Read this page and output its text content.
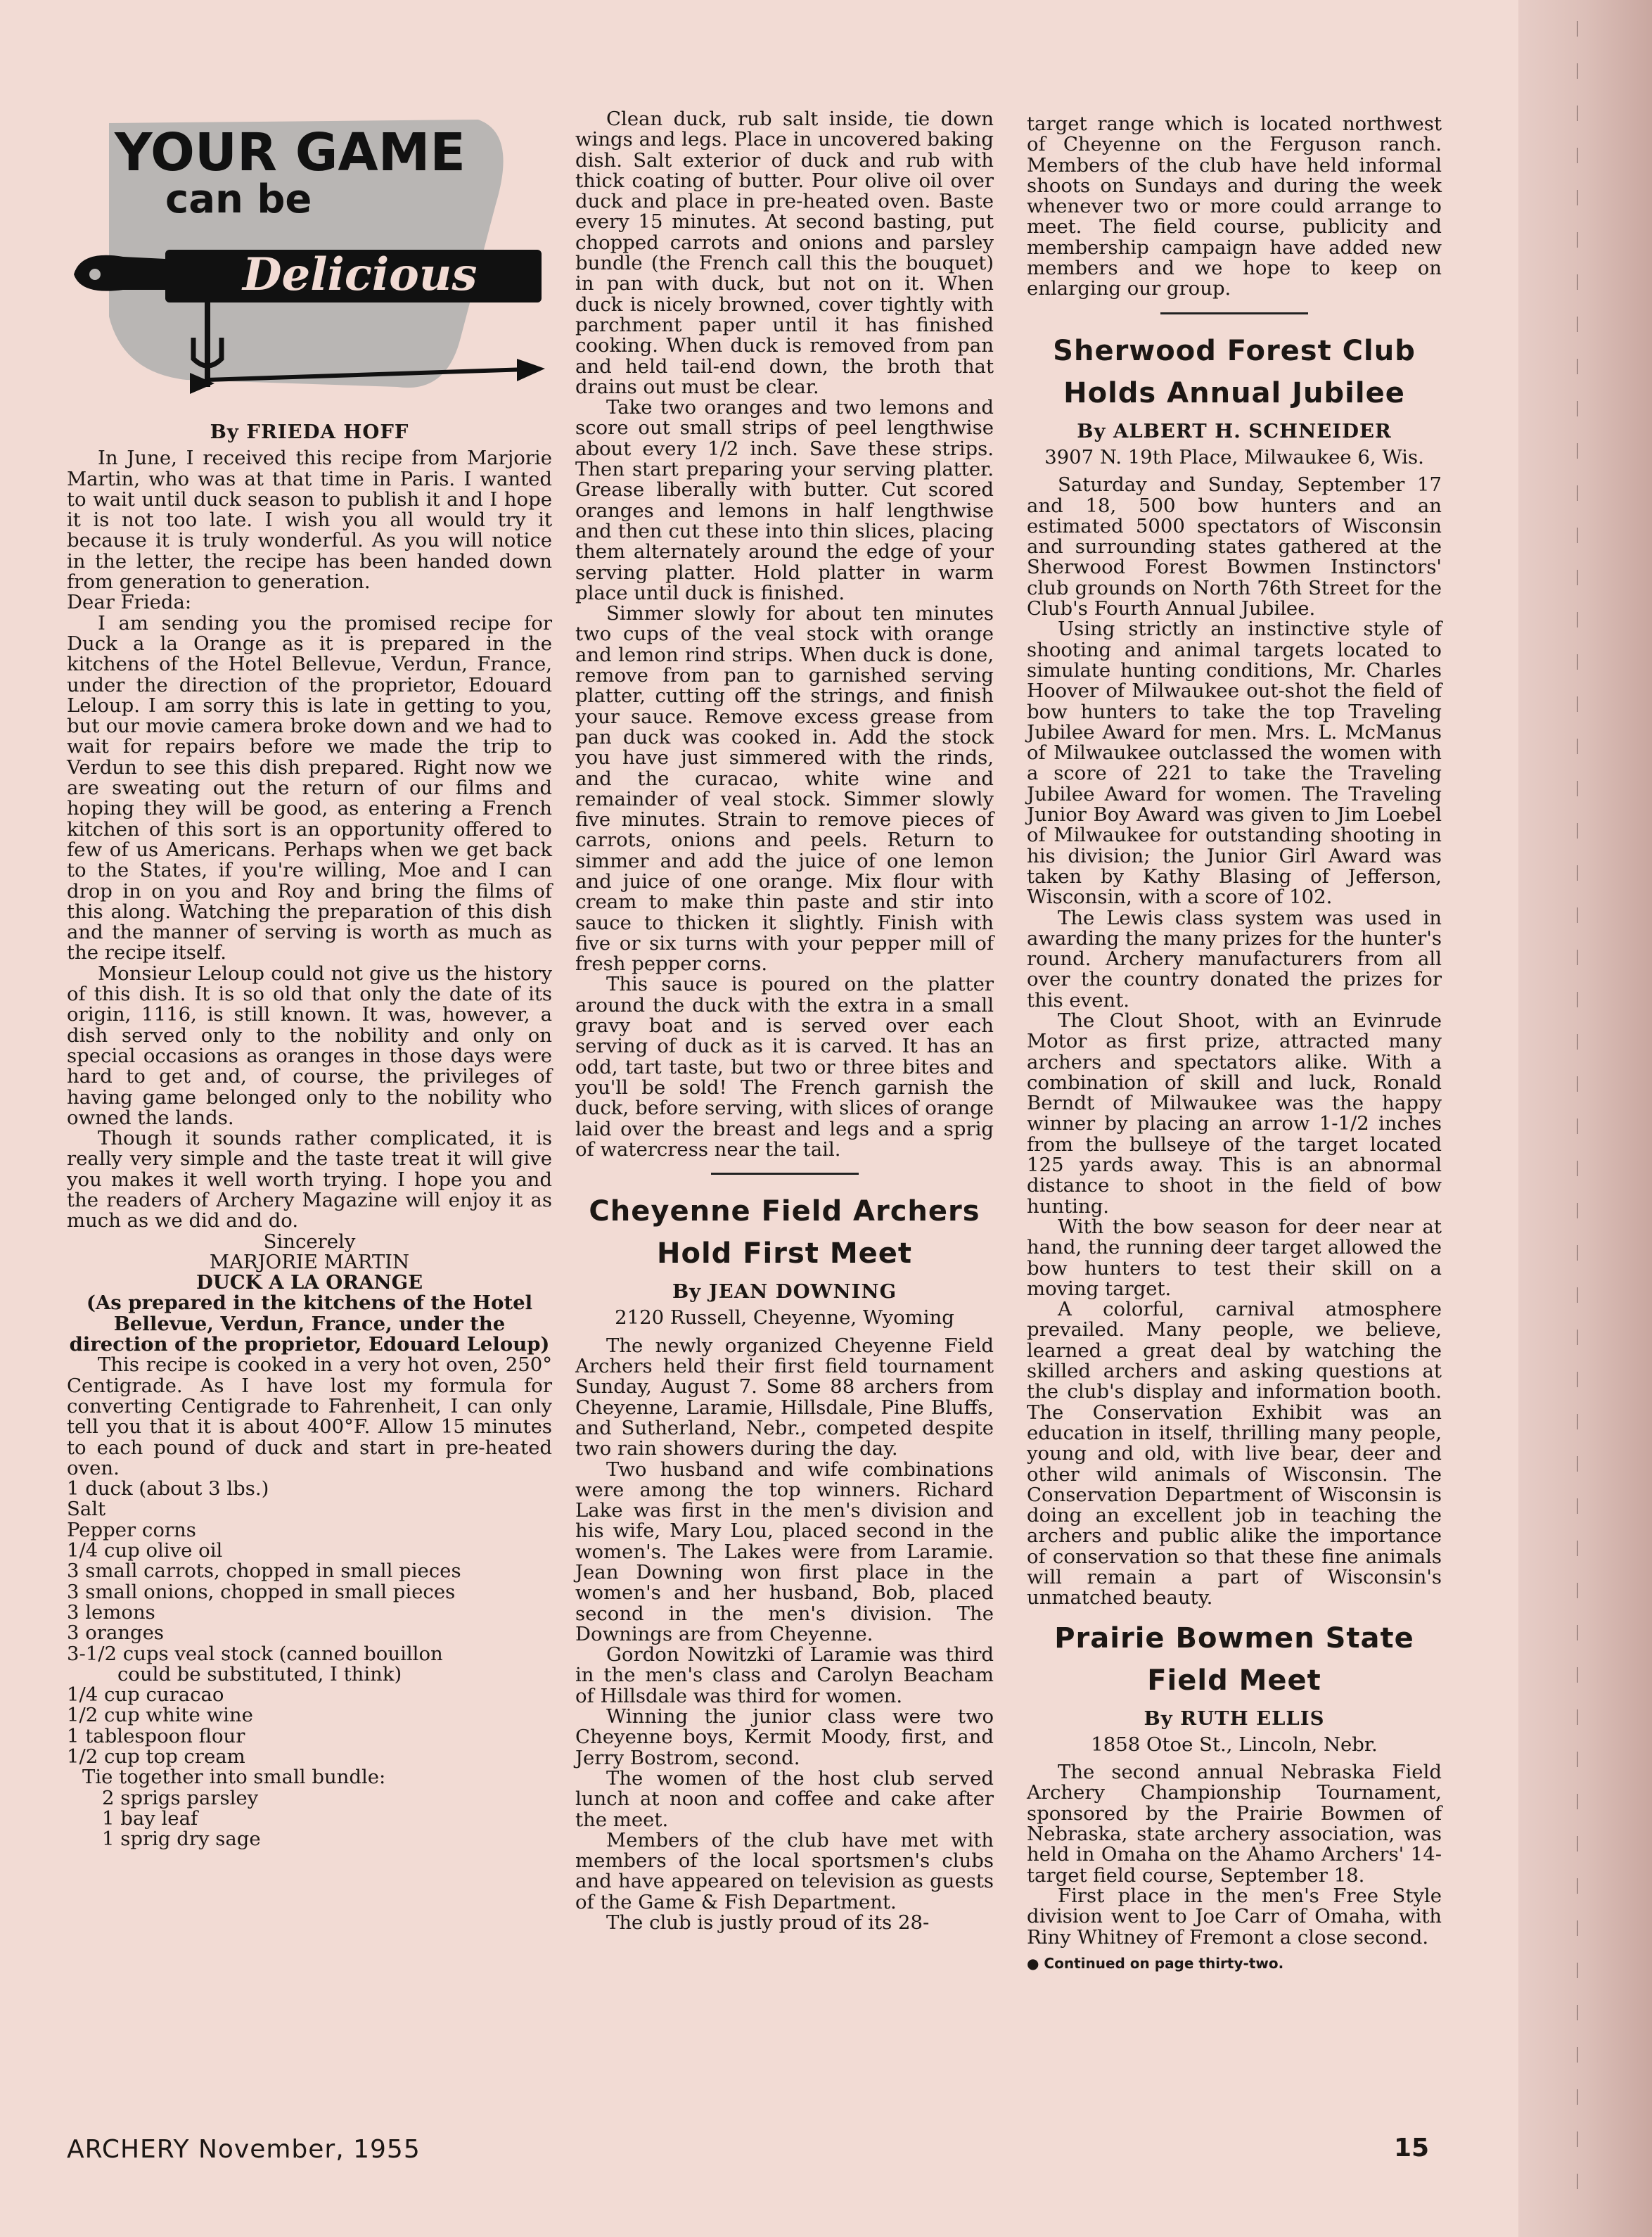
YOUR GAME
can be
Delicious
By FRIEDA HOFF

In June, I received this recipe from Marjorie Martin, who was at that time in Paris. I wanted to wait until duck season to publish it and I hope it is not too late. I wish you all would try it because it is truly wonderful. As you will notice in the letter, the recipe has been handed down from generation to generation.

Dear Frieda:

I am sending you the promised recipe for Duck a la Orange as it is prepared in the kitchens of the Hotel Bellevue, Verdun, France, under the direction of the proprietor, Edouard Leloup. I am sorry this is late in getting to you, but our movie camera broke down and we had to wait for repairs before we made the trip to Verdun to see this dish prepared. Right now we are sweating out the return of our films and hoping they will be good, as entering a French kitchen of this sort is an opportunity offered to few of us Americans. Perhaps when we get back to the States, if you're willing, Moe and I can drop in on you and Roy and bring the films of this along. Watching the preparation of this dish and the manner of serving is worth as much as the recipe itself.

Monsieur Leloup could not give us the history of this dish. It is so old that only the date of its origin, 1116, is still known. It was, however, a dish served only to the nobility and only on special occasions as oranges in those days were hard to get and, of course, the privileges of having game belonged only to the nobility who owned the lands.

Though it sounds rather complicated, it is really very simple and the taste treat it will give you makes it well worth trying. I hope you and the readers of Archery Magazine will enjoy it as much as we did and do.

Sincerely
MARJORIE MARTIN
DUCK A LA ORANGE
(As prepared in the kitchens of the Hotel Bellevue, Verdun, France, under the direction of the proprietor, Edouard Leloup)

This recipe is cooked in a very hot oven, 250° Centigrade. As I have lost my formula for converting Centigrade to Fahrenheit, I can only tell you that it is about 400°F. Allow 15 minutes to each pound of duck and start in pre-heated oven.

1 duck (about 3 lbs.)
Salt
Pepper corns
1/4 cup olive oil
3 small carrots, chopped in small pieces
3 small onions, chopped in small pieces
3 lemons
3 oranges
3-1/2 cups veal stock (canned bouillon
could be substituted, I think)
1/4 cup curacao
1/2 cup white wine
1 tablespoon flour
1/2 cup top cream
Tie together into small bundle:
2 sprigs parsley
1 bay leaf
1 sprig dry sage

Clean duck, rub salt inside, tie down wings and legs. Place in uncovered baking dish. Salt exterior of duck and rub with thick coating of butter. Pour olive oil over duck and place in pre-heated oven. Baste every 15 minutes. At second basting, put chopped carrots and onions and parsley bundle (the French call this the bouquet) in pan with duck, but not on it. When duck is nicely browned, cover tightly with parchment paper until it has finished cooking. When duck is removed from pan and held tail-end down, the broth that drains out must be clear.

Take two oranges and two lemons and score out small strips of peel lengthwise about every 1/2 inch. Save these strips. Then start preparing your serving platter. Grease liberally with butter. Cut scored oranges and lemons in half lengthwise and then cut these into thin slices, placing them alternately around the edge of your serving platter. Hold platter in warm place until duck is finished.

Simmer slowly for about ten minutes two cups of the veal stock with orange and lemon rind strips. When duck is done, remove from pan to garnished serving platter, cutting off the strings, and finish your sauce. Remove excess grease from pan duck was cooked in. Add the stock you have just simmered with the rinds, and the curacao, white wine and remainder of veal stock. Simmer slowly five minutes. Strain to remove pieces of carrots, onions and peels. Return to simmer and add the juice of one lemon and juice of one orange. Mix flour with cream to make thin paste and stir into sauce to thicken it slightly. Finish with five or six turns with your pepper mill of fresh pepper corns.

This sauce is poured on the platter around the duck with the extra in a small gravy boat and is served over each serving of duck as it is carved. It has an odd, tart taste, but two or three bites and you'll be sold! The French garnish the duck, before serving, with slices of orange laid over the breast and legs and a sprig of watercress near the tail.

Cheyenne Field Archers
Hold First Meet
By JEAN DOWNING
2120 Russell, Cheyenne, Wyoming

The newly organized Cheyenne Field Archers held their first field tournament Sunday, August 7. Some 88 archers from Cheyenne, Laramie, Hillsdale, Pine Bluffs, and Sutherland, Nebr., competed despite two rain showers during the day.

Two husband and wife combinations were among the top winners. Richard Lake was first in the men's division and his wife, Mary Lou, placed second in the women's. The Lakes were from Laramie. Jean Downing won first place in the women's and her husband, Bob, placed second in the men's division. The Downings are from Cheyenne.

Gordon Nowitzki of Laramie was third in the men's class and Carolyn Beacham of Hillsdale was third for women.

Winning the junior class were two Cheyenne boys, Kermit Moody, first, and Jerry Bostrom, second.

The women of the host club served lunch at noon and coffee and cake after the meet.

Members of the club have met with members of the local sportsmen's clubs and have appeared on television as guests of the Game & Fish Department.

The club is justly proud of its 28-

target range which is located northwest of Cheyenne on the Ferguson ranch. Members of the club have held informal shoots on Sundays and during the week whenever two or more could arrange to meet. The field course, publicity and membership campaign have added new members and we hope to keep on enlarging our group.

Sherwood Forest Club
Holds Annual Jubilee
By ALBERT H. SCHNEIDER
3907 N. 19th Place, Milwaukee 6, Wis.

Saturday and Sunday, September 17 and 18, 500 bow hunters and an estimated 5000 spectators of Wisconsin and surrounding states gathered at the Sherwood Forest Bowmen Instinctors' club grounds on North 76th Street for the Club's Fourth Annual Jubilee.

Using strictly an instinctive style of shooting and animal targets located to simulate hunting conditions, Mr. Charles Hoover of Milwaukee out-shot the field of bow hunters to take the top Traveling Jubilee Award for men. Mrs. L. McManus of Milwaukee outclassed the women with a score of 221 to take the Traveling Jubilee Award for women. The Traveling Junior Boy Award was given to Jim Loebel of Milwaukee for outstanding shooting in his division; the Junior Girl Award was taken by Kathy Blasing of Jefferson, Wisconsin, with a score of 102.

The Lewis class system was used in awarding the many prizes for the hunter's round. Archery manufacturers from all over the country donated the prizes for this event.

The Clout Shoot, with an Evinrude Motor as first prize, attracted many archers and spectators alike. With a combination of skill and luck, Ronald Berndt of Milwaukee was the happy winner by placing an arrow 1-1/2 inches from the bullseye of the target located 125 yards away. This is an abnormal distance to shoot in the field of bow hunting.

With the bow season for deer near at hand, the running deer target allowed the bow hunters to test their skill on a moving target.

A colorful, carnival atmosphere prevailed. Many people, we believe, learned a great deal by watching the skilled archers and asking questions at the club's display and information booth. The Conservation Exhibit was an education in itself, thrilling many people, young and old, with live bear, deer and other wild animals of Wisconsin. The Conservation Department of Wisconsin is doing an excellent job in teaching the archers and public alike the importance of conservation so that these fine animals will remain a part of Wisconsin's unmatched beauty.

Prairie Bowmen State
Field Meet
By RUTH ELLIS
1858 Otoe St., Lincoln, Nebr.

The second annual Nebraska Field Archery Championship Tournament, sponsored by the Prairie Bowmen of Nebraska, state archery association, was held in Omaha on the Ahamo Archers' 14-target field course, September 18.

First place in the men's Free Style division went to Joe Carr of Omaha, with Riny Whitney of Fremont a close second.

● Continued on page thirty-two.
ARCHERY November, 1955	15
